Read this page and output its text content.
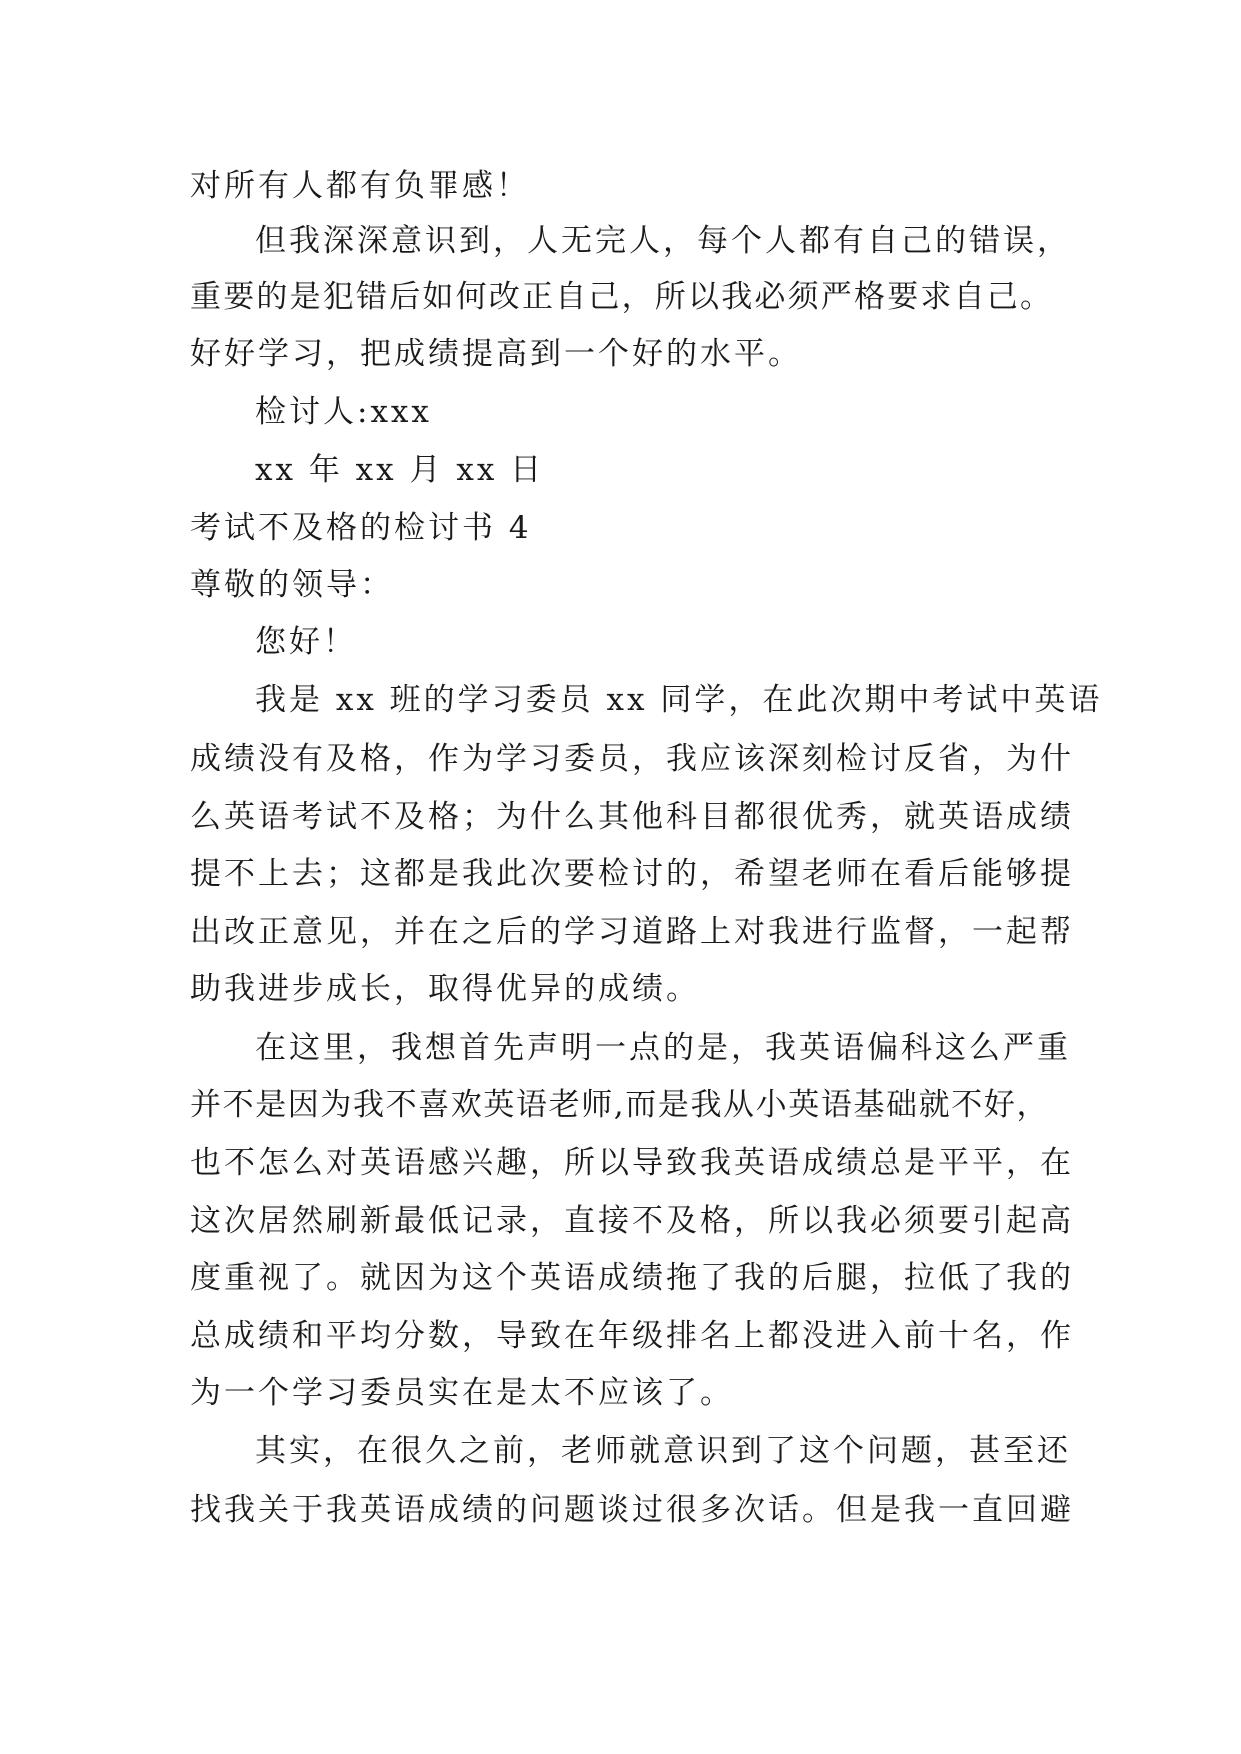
对所有人都有负罪感！
但我深深意识到，人无完人，每个人都有自己的错误，
重要的是犯错后如何改正自己，所以我必须严格要求自己。
好好学习，把成绩提高到一个好的水平。
检讨人:xxx
xx 年 xx 月 xx 日
考试不及格的检讨书 4
尊敬的领导：
您好！
我是 xx 班的学习委员 xx 同学，在此次期中考试中英语
成绩没有及格，作为学习委员，我应该深刻检讨反省，为什
么英语考试不及格；为什么其他科目都很优秀，就英语成绩
提不上去；这都是我此次要检讨的，希望老师在看后能够提
出改正意见，并在之后的学习道路上对我进行监督，一起帮
助我进步成长，取得优异的成绩。
在这里，我想首先声明一点的是，我英语偏科这么严重
并不是因为我不喜欢英语老师,而是我从小英语基础就不好，
也不怎么对英语感兴趣，所以导致我英语成绩总是平平，在
这次居然刷新最低记录，直接不及格，所以我必须要引起高
度重视了。就因为这个英语成绩拖了我的后腿，拉低了我的
总成绩和平均分数，导致在年级排名上都没进入前十名，作
为一个学习委员实在是太不应该了。
其实，在很久之前，老师就意识到了这个问题，甚至还
找我关于我英语成绩的问题谈过很多次话。但是我一直回避
